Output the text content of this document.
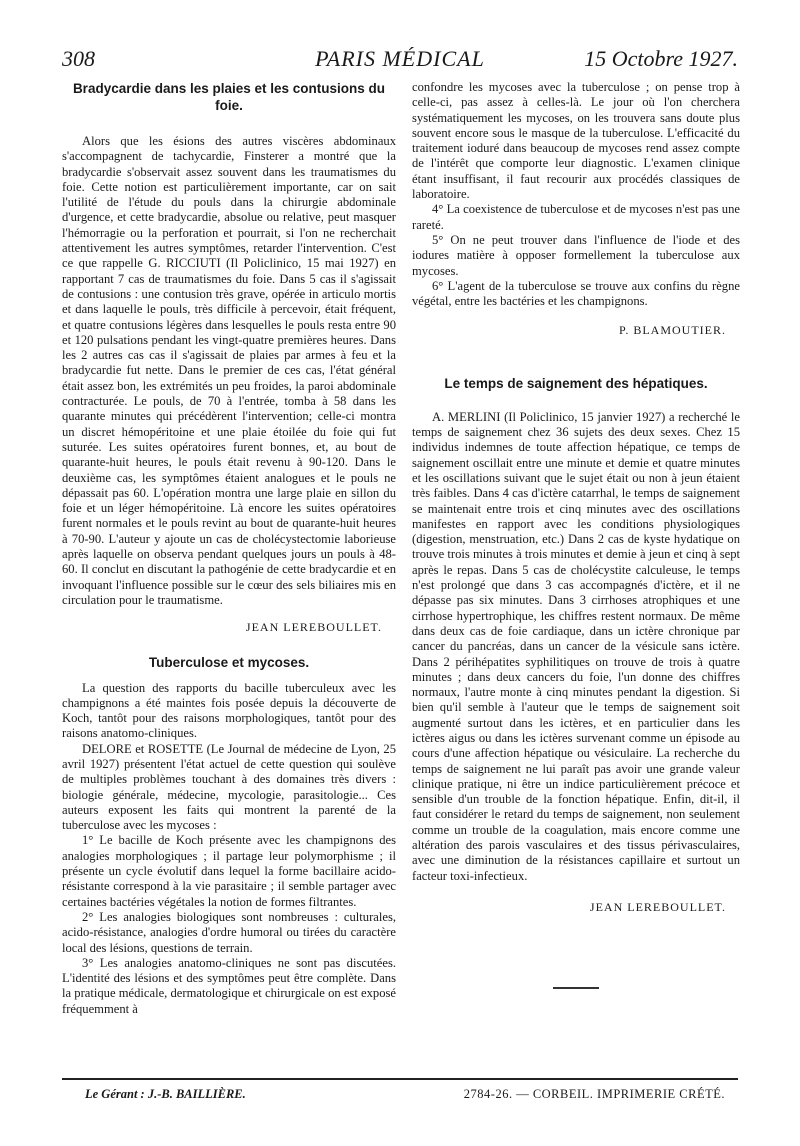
308	PARIS MÉDICAL	15 Octobre 1927.
Bradycardie dans les plaies et les contusions du foie.

Alors que les ésions des autres viscères abdominaux s'accompagnent de tachycardie, Finsterer a montré que la bradycardie s'observait assez souvent dans les traumatismes du foie. Cette notion est particulièrement importante, car on sait l'utilité de l'étude du pouls dans la chirurgie abdominale d'urgence, et cette bradycardie, absolue ou relative, peut masquer l'hémorragie ou la perforation et pourrait, si l'on ne recherchait attentivement les autres symptômes, retarder l'intervention. C'est ce que rappelle G. RICCIUTI (Il Policlinico, 15 mai 1927) en rapportant 7 cas de traumatismes du foie. Dans 5 cas il s'agissait de contusions : une contusion très grave, opérée in articulo mortis et dans laquelle le pouls, très difficile à percevoir, était fréquent, et quatre contusions légères dans lesquelles le pouls resta entre 90 et 120 pulsations pendant les vingt-quatre premières heures. Dans les 2 autres cas cas il s'agissait de plaies par armes à feu et la bradycardie fut nette. Dans le premier de ces cas, l'état général était assez bon, les extrémités un peu froides, la paroi abdominale contracturée. Le pouls, de 70 à l'entrée, tomba à 58 dans les quarante minutes qui précédèrent l'intervention; celle-ci montra un discret hémopéritoine et une plaie étoilée du foie qui fut suturée. Les suites opératoires furent bonnes, et, au bout de quarante-huit heures, le pouls était revenu à 90-120. Dans le deuxième cas, les symptômes étaient analogues et le pouls ne dépassait pas 60. L'opération montra une large plaie en sillon du foie et un léger hémopéritoine. Là encore les suites opératoires furent normales et le pouls revint au bout de quarante-huit heures à 70-90. L'auteur y ajoute un cas de cholécystectomie laborieuse après laquelle on observa pendant quelques jours un pouls à 48-60. Il conclut en discutant la pathogénie de cette bradycardie et en invoquant l'influence possible sur le cœur des sels biliaires mis en circulation pour le traumatisme.

JEAN LEREBOULLET.
Tuberculose et mycoses.

La question des rapports du bacille tuberculeux avec les champignons a été maintes fois posée depuis la découverte de Koch, tantôt pour des raisons morphologiques, tantôt pour des raisons anatomo-cliniques.

DELORE et ROSETTE (Le Journal de médecine de Lyon, 25 avril 1927) présentent l'état actuel de cette question qui soulève de multiples problèmes touchant à des domaines très divers : biologie générale, médecine, mycologie, parasitologie... Ces auteurs exposent les faits qui montrent la parenté de la tuberculose avec les mycoses :

1° Le bacille de Koch présente avec les champignons des analogies morphologiques ; il partage leur polymorphisme ; il présente un cycle évolutif dans lequel la forme bacillaire acido-résistante correspond à la vie parasitaire ; il semble partager avec certaines bactéries végétales la notion de formes filtrantes.

2° Les analogies biologiques sont nombreuses : culturales, acido-résistance, analogies d'ordre humoral ou tirées du caractère local des lésions, questions de terrain.

3° Les analogies anatomo-cliniques ne sont pas discutées. L'identité des lésions et des symptômes peut être complète. Dans la pratique médicale, dermatologique et chirurgicale on est exposé fréquemment à

confondre les mycoses avec la tuberculose ; on pense trop à celle-ci, pas assez à celles-là. Le jour où l'on cherchera systématiquement les mycoses, on les trouvera sans doute plus souvent encore sous le masque de la tuberculose. L'efficacité du traitement ioduré dans beaucoup de mycoses rend assez compte de l'intérêt que comporte leur diagnostic. L'examen clinique étant insuffisant, il faut recourir aux procédés classiques de laboratoire.

4° La coexistence de tuberculose et de mycoses n'est pas une rareté.

5° On ne peut trouver dans l'influence de l'iode et des iodures matière à opposer formellement la tuberculose aux mycoses.

6° L'agent de la tuberculose se trouve aux confins du règne végétal, entre les bactéries et les champignons.

P. BLAMOUTIER.
Le temps de saignement des hépatiques.

A. MERLINI (Il Policlinico, 15 janvier 1927) a recherché le temps de saignement chez 36 sujets des deux sexes. Chez 15 individus indemnes de toute affection hépatique, ce temps de saignement oscillait entre une minute et demie et quatre minutes et les oscillations suivant que le sujet était ou non à jeun étaient très faibles. Dans 4 cas d'ictère catarrhal, le temps de saignement se maintenait entre trois et cinq minutes avec des oscillations manifestes en rapport avec les conditions physiologiques (digestion, menstruation, etc.) Dans 2 cas de kyste hydatique on trouve trois minutes à trois minutes et demie à jeun et cinq à sept après le repas. Dans 5 cas de cholécystite calculeuse, le temps n'est prolongé que dans 3 cas accompagnés d'ictère, et il ne dépasse pas six minutes. Dans 3 cirrhoses atrophiques et une cirrhose hypertrophique, les chiffres restent normaux. De même dans deux cas de foie cardiaque, dans un ictère chronique par cancer du pancréas, dans un cancer de la vésicule sans ictère. Dans 2 périhépatites syphilitiques on trouve de trois à quatre minutes ; dans deux cancers du foie, l'un donne des chiffres normaux, l'autre monte à cinq minutes pendant la digestion. Si bien qu'il semble à l'auteur que le temps de saignement soit augmenté surtout dans les ictères, et en particulier dans les ictères aigus ou dans les ictères survenant comme un épisode au cours d'une affection hépatique ou vésiculaire. La recherche du temps de saignement ne lui paraît pas avoir une grande valeur clinique pratique, ni être un indice particulièrement précoce et sensible d'un trouble de la fonction hépatique. Enfin, dit-il, il faut considérer le retard du temps de saignement, non seulement comme un trouble de la coagulation, mais encore comme une altération des parois vasculaires et des tissus périvasculaires, avec une diminution de la résistances capillaire et surtout un facteur toxi-infectieux.

JEAN LEREBOULLET.
Le Gérant : J.-B. BAILLIÈRE.	2784-26. — CORBEIL. IMPRIMERIE CRÉTÉ.
